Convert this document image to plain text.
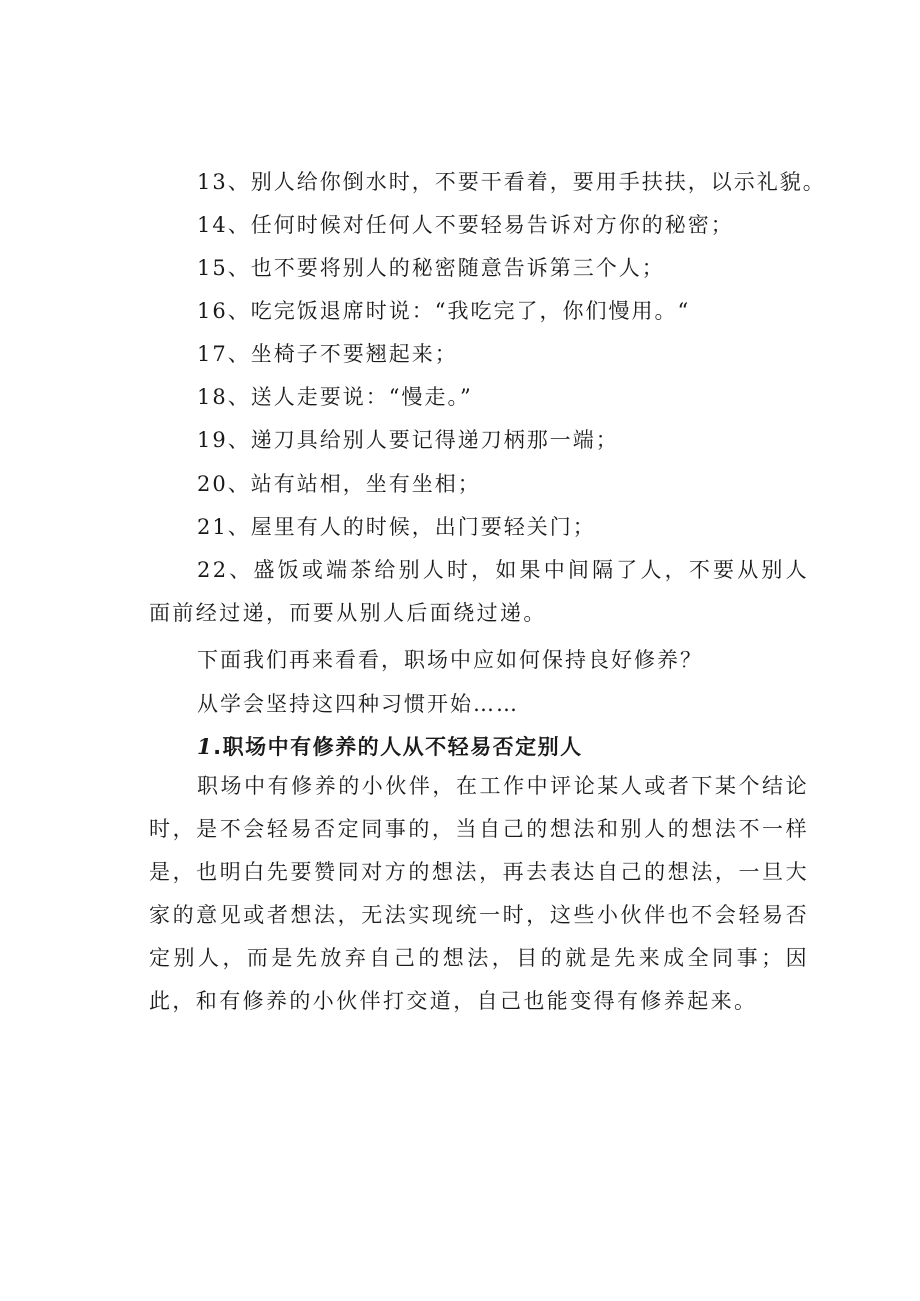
13、别人给你倒水时，不要干看着，要用手扶扶，以示礼貌。
14、任何时候对任何人不要轻易告诉对方你的秘密；
15、也不要将别人的秘密随意告诉第三个人；
16、吃完饭退席时说：“我吃完了，你们慢用。“
17、坐椅子不要翘起来；
18、送人走要说：“慢走。”
19、递刀具给别人要记得递刀柄那一端；
20、站有站相，坐有坐相；
21、屋里有人的时候，出门要轻关门；
22、盛饭或端茶给别人时，如果中间隔了人，不要从别人面前经过递，而要从别人后面绕过递。
下面我们再来看看，职场中应如何保持良好修养？
从学会坚持这四种习惯开始……
1.职场中有修养的人从不轻易否定别人
职场中有修养的小伙伴，在工作中评论某人或者下某个结论时，是不会轻易否定同事的，当自己的想法和别人的想法不一样是，也明白先要赞同对方的想法，再去表达自己的想法，一旦大家的意见或者想法，无法实现统一时，这些小伙伴也不会轻易否定别人，而是先放弃自己的想法，目的就是先来成全同事；因此，和有修养的小伙伴打交道，自己也能变得有修养起来。
